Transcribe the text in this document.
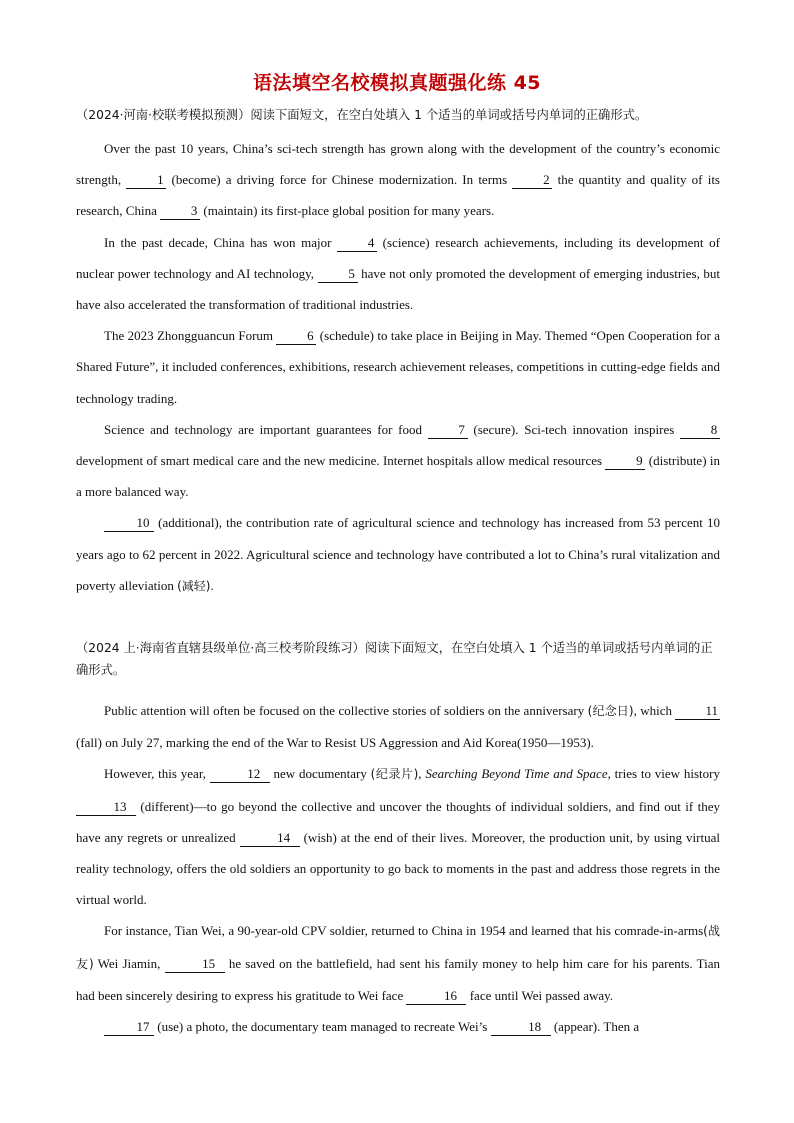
语法填空名校模拟真题强化练 45
（2024·河南·校联考模拟预测）阅读下面短文，在空白处填入 1 个适当的单词或括号内单词的正确形式。

Over the past 10 years, China’s sci-tech strength has grown along with the development of the country’s economic strength, 1 (become) a driving force for Chinese modernization. In terms 2 the quantity and quality of its research, China 3 (maintain) its first-place global position for many years.

In the past decade, China has won major 4 (science) research achievements, including its development of nuclear power technology and AI technology, 5 have not only promoted the development of emerging industries, but have also accelerated the transformation of traditional industries.

The 2023 Zhongguancun Forum 6 (schedule) to take place in Beijing in May. Themed “Open Cooperation for a Shared Future”, it included conferences, exhibitions, research achievement releases, competitions in cutting-edge fields and technology trading.

Science and technology are important guarantees for food 7 (secure). Sci-tech innovation inspires 8 development of smart medical care and the new medicine. Internet hospitals allow medical resources 9 (distribute) in a more balanced way.

10 (additional), the contribution rate of agricultural science and technology has increased from 53 percent 10 years ago to 62 percent in 2022. Agricultural science and technology have contributed a lot to China’s rural vitalization and poverty alleviation (减轻).

（2024 上·海南省直辖县级单位·高三校考阶段练习）阅读下面短文，在空白处填入 1 个适当的单词或括号内单词的正确形式。

Public attention will often be focused on the collective stories of soldiers on the anniversary (纪念日), which 11 (fall) on July 27, marking the end of the War to Resist US Aggression and Aid Korea(1950—1953).

However, this year,	12 new documentary (纪录片), Searching Beyond Time and Space, tries to view history 13 (different)—to go beyond the collective and uncover the thoughts of individual soldiers, and find out if they have any regrets or unrealized	14 (wish) at the end of their lives. Moreover, the production unit, by using virtual reality technology, offers the old soldiers an opportunity to go back to moments in the past and address those regrets in the virtual world.

For instance, Tian Wei, a 90-year-old CPV soldier, returned to China in 1954 and learned that his comrade-in-arms(战友) Wei Jiamin,	15 he saved on the battlefield, had sent his family money to help him care for his parents. Tian had been sincerely desiring to express his gratitude to Wei face	16 face until Wei passed away.

17 (use) a photo, the documentary team managed to recreate Wei’s	18 (appear). Then a
